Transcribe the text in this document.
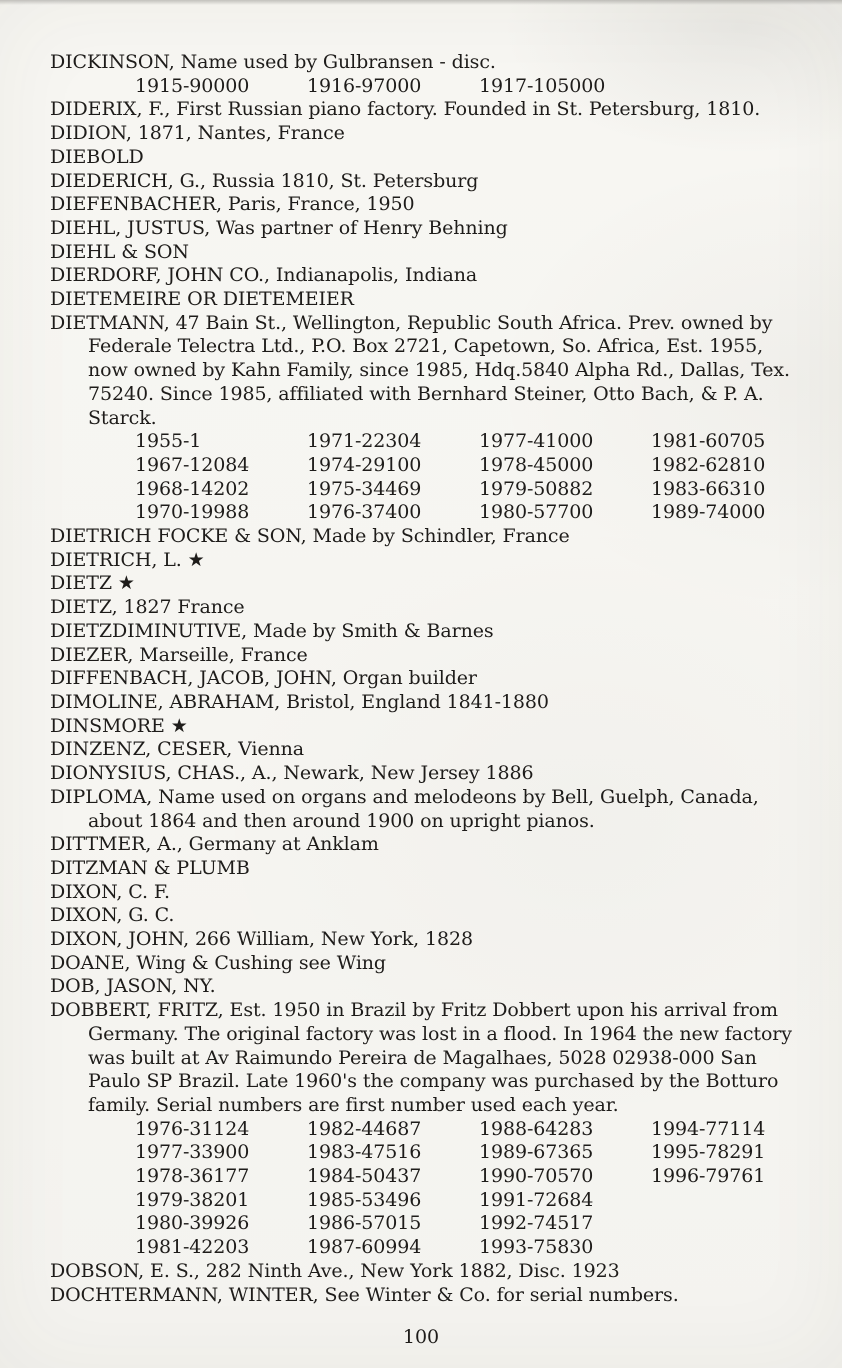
DICKINSON, Name used by Gulbransen - disc.
1915-90000	1916-97000	1917-105000
DIDERIX, F., First Russian piano factory. Founded in St. Petersburg, 1810.
DIDION, 1871, Nantes, France
DIEBOLD
DIEDERICH, G., Russia 1810, St. Petersburg
DIEFENBACHER, Paris, France, 1950
DIEHL, JUSTUS, Was partner of Henry Behning
DIEHL & SON
DIERDORF, JOHN CO., Indianapolis, Indiana
DIETEMEIRE OR DIETEMEIER
DIETMANN, 47 Bain St., Wellington, Republic South Africa. Prev. owned by
Federale Telectra Ltd., P.O. Box 2721, Capetown, So. Africa, Est. 1955,
now owned by Kahn Family, since 1985, Hdq.5840 Alpha Rd., Dallas, Tex.
75240. Since 1985, affiliated with Bernhard Steiner, Otto Bach, & P. A.
Starck.
1955-1	1971-22304	1977-41000	1981-60705
1967-12084	1974-29100	1978-45000	1982-62810
1968-14202	1975-34469	1979-50882	1983-66310
1970-19988	1976-37400	1980-57700	1989-74000
DIETRICH FOCKE & SON, Made by Schindler, France
DIETRICH, L. ★
DIETZ ★
DIETZ, 1827 France
DIETZDIMINUTIVE, Made by Smith & Barnes
DIEZER, Marseille, France
DIFFENBACH, JACOB, JOHN, Organ builder
DIMOLINE, ABRAHAM, Bristol, England 1841-1880
DINSMORE ★
DINZENZ, CESER, Vienna
DIONYSIUS, CHAS., A., Newark, New Jersey 1886
DIPLOMA, Name used on organs and melodeons by Bell, Guelph, Canada,
about 1864 and then around 1900 on upright pianos.
DITTMER, A., Germany at Anklam
DITZMAN & PLUMB
DIXON, C. F.
DIXON, G. C.
DIXON, JOHN, 266 William, New York, 1828
DOANE, Wing & Cushing see Wing
DOB, JASON, NY.
DOBBERT, FRITZ, Est. 1950 in Brazil by Fritz Dobbert upon his arrival from
Germany. The original factory was lost in a flood. In 1964 the new factory
was built at Av Raimundo Pereira de Magalhaes, 5028 02938-000 San
Paulo SP Brazil. Late 1960's the company was purchased by the Botturo
family. Serial numbers are first number used each year.
1976-31124	1982-44687	1988-64283	1994-77114
1977-33900	1983-47516	1989-67365	1995-78291
1978-36177	1984-50437	1990-70570	1996-79761
1979-38201	1985-53496	1991-72684
1980-39926	1986-57015	1992-74517
1981-42203	1987-60994	1993-75830
DOBSON, E. S., 282 Ninth Ave., New York 1882, Disc. 1923
DOCHTERMANN, WINTER, See Winter & Co. for serial numbers.
100
